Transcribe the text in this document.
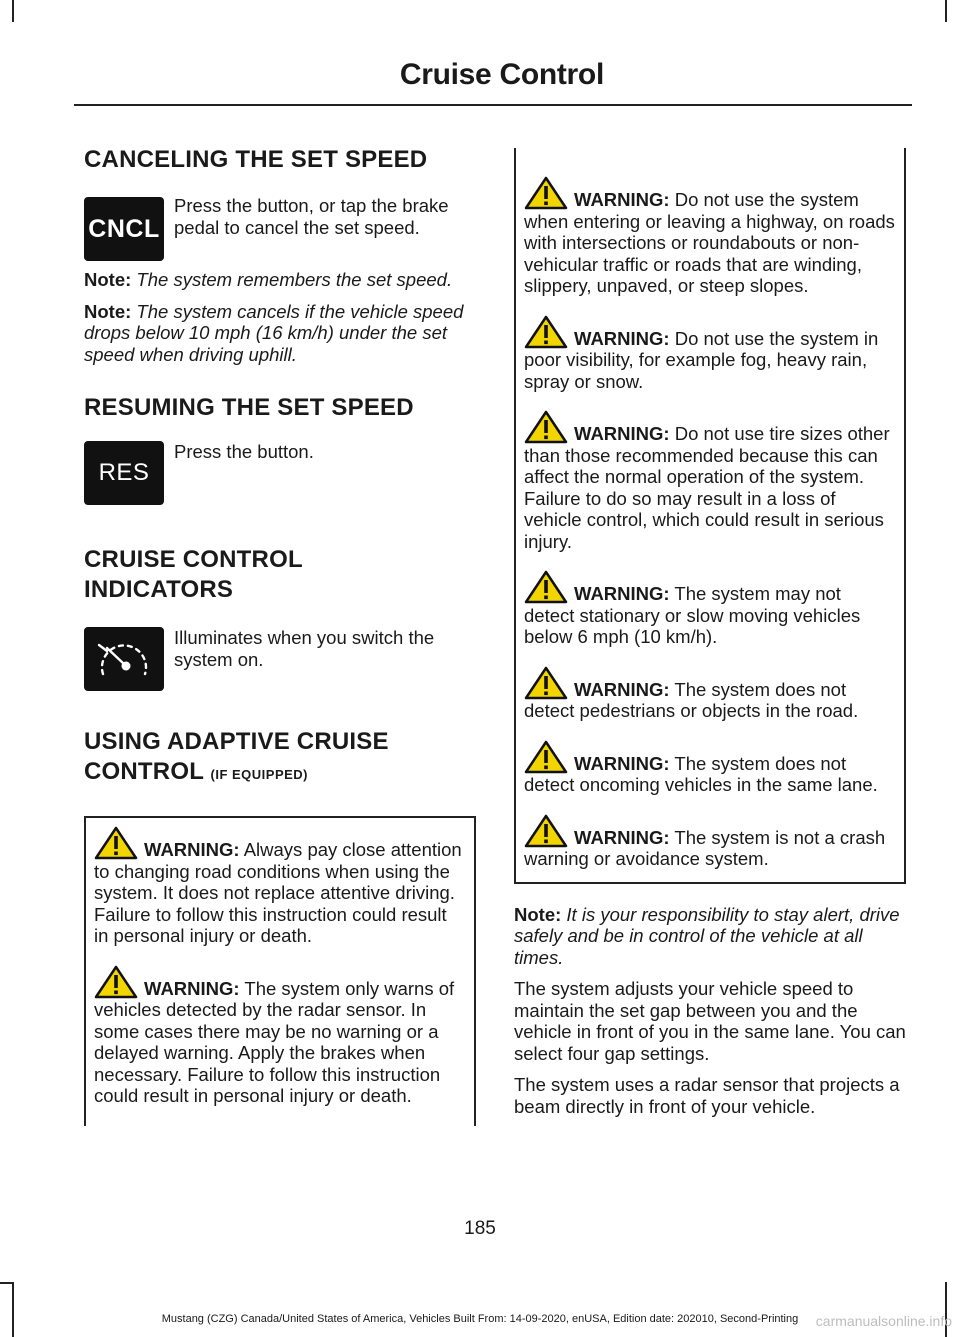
Cruise Control
CANCELING THE SET SPEED
CNCL

Press the button, or tap the brake pedal to cancel the set speed.

Note: The system remembers the set speed.

Note: The system cancels if the vehicle speed drops below 10 mph (16 km/h) under the set speed when driving uphill.

RESUMING THE SET SPEED
RES

Press the button.

CRUISE CONTROL
INDICATORS

Illuminates when you switch the system on.

USING ADAPTIVE CRUISE
CONTROL (IF EQUIPPED)
WARNING: Always pay close attention to changing road conditions when using the system. It does not replace attentive driving. Failure to follow this instruction could result in personal injury or death.
WARNING: The system only warns of vehicles detected by the radar sensor. In some cases there may be no warning or a delayed warning. Apply the brakes when necessary. Failure to follow this instruction could result in personal injury or death.
WARNING: Do not use the system when entering or leaving a highway, on roads with intersections or roundabouts or non-vehicular traffic or roads that are winding, slippery, unpaved, or steep slopes.
WARNING: Do not use the system in poor visibility, for example fog, heavy rain, spray or snow.
WARNING: Do not use tire sizes other than those recommended because this can affect the normal operation of the system. Failure to do so may result in a loss of vehicle control, which could result in serious injury.
WARNING: The system may not detect stationary or slow moving vehicles below 6 mph (10 km/h).
WARNING: The system does not detect pedestrians or objects in the road.
WARNING: The system does not detect oncoming vehicles in the same lane.
WARNING: The system is not a crash warning or avoidance system.

Note: It is your responsibility to stay alert, drive safely and be in control of the vehicle at all times.

The system adjusts your vehicle speed to maintain the set gap between you and the vehicle in front of you in the same lane. You can select four gap settings.

The system uses a radar sensor that projects a beam directly in front of your vehicle.

185
Mustang (CZG) Canada/United States of America, Vehicles Built From: 14-09-2020, enUSA, Edition date: 202010, Second-Printing	carmanualsonline.info
